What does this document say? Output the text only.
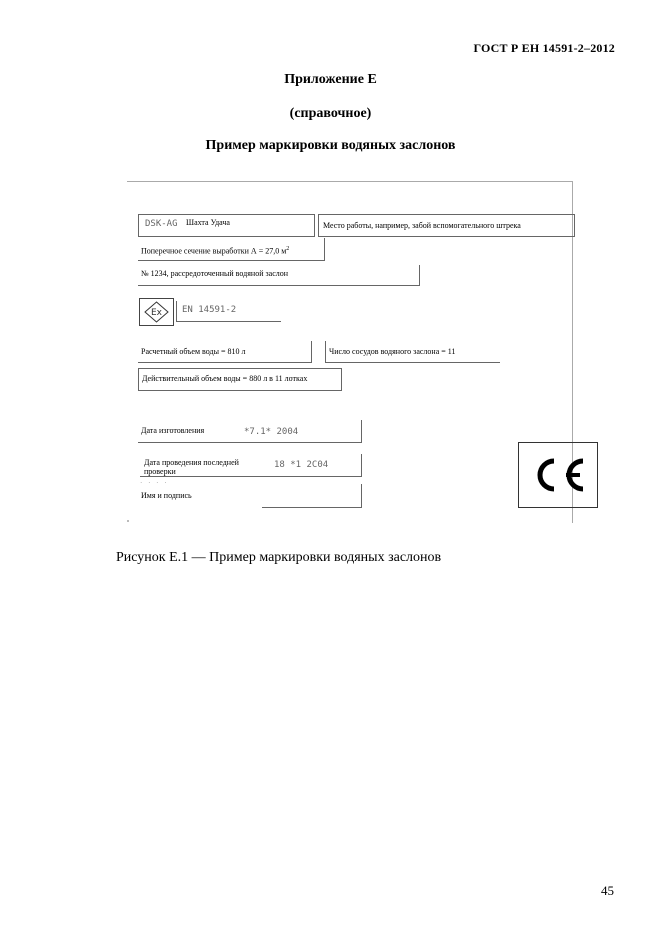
ГОСТ Р ЕН 14591-2–2012
Приложение Е
(справочное)
Пример маркировки водяных заслонов
DSK-AG Шахта Удача	Место работы, например, забой вспомогательного штрека
Поперечное сечение выработки А = 27,0 $м^2$
№ 1234, рассредоточенный водяной заслон
Ex EN 14591-2
Расчетный объем воды = 810 л	Число сосудов водяного заслона = 11
Действительный объем воды = 880 л в 11 лотках
Дата изготовления	*7.1* 2004
Дата проведения последней
проверки
18 *1 2С04
· · · ·
Имя и подпись
Рисунок Е.1 — Пример маркировки водяных заслонов
45
